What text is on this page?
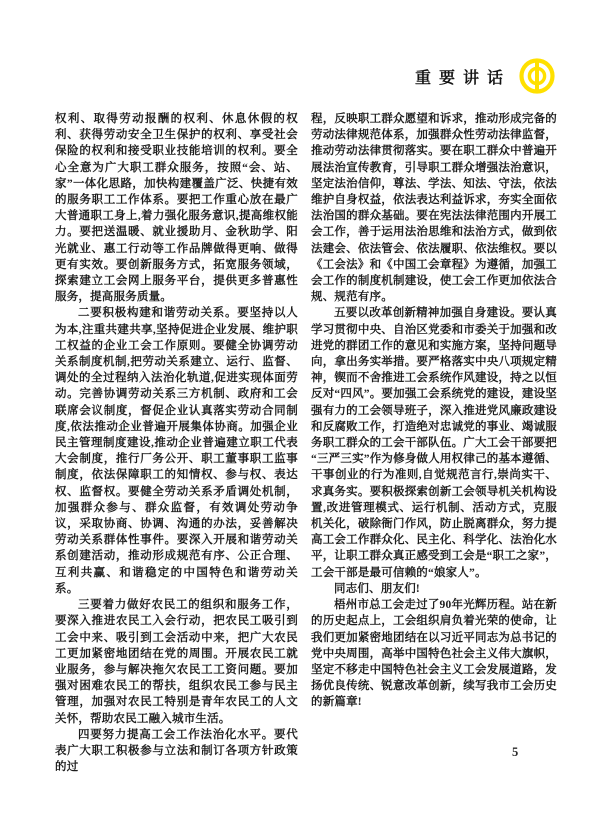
重要讲话

权利、取得劳动报酬的权利、休息休假的权利、获得劳动安全卫生保护的权利、享受社会保险的权利和接受职业技能培训的权利。要全心全意为广大职工群众服务，按照“会、站、家”一体化思路，加快构建覆盖广泛、快捷有效的服务职工工作体系。要把工作重心放在最广大普通职工身上,着力强化服务意识,提高维权能力。要把送温暖、就业援助月、金秋助学、阳光就业、惠工行动等工作品牌做得更响、做得更有实效。要创新服务方式，拓宽服务领域，探索建立工会网上服务平台，提供更多普惠性服务，提高服务质量。

二要积极构建和谐劳动关系。要坚持以人为本,注重共建共享,坚持促进企业发展、维护职工权益的企业工会工作原则。要健全协调劳动关系制度机制,把劳动关系建立、运行、监督、调处的全过程纳入法治化轨道,促进实现体面劳动。完善协调劳动关系三方机制、政府和工会联席会议制度，督促企业认真落实劳动合同制度,依法推动企业普遍开展集体协商。加强企业民主管理制度建设,推动企业普遍建立职工代表大会制度，推行厂务公开、职工董事职工监事制度，依法保障职工的知情权、参与权、表达权、监督权。要健全劳动关系矛盾调处机制，加强群众参与、群众监督，有效调处劳动争议，采取协商、协调、沟通的办法，妥善解决劳动关系群体性事件。要深入开展和谐劳动关系创建活动，推动形成规范有序、公正合理、互利共赢、和谐稳定的中国特色和谐劳动关系。

三要着力做好农民工的组织和服务工作，要深入推进农民工入会行动，把农民工吸引到工会中来、吸引到工会活动中来，把广大农民工更加紧密地团结在党的周围。开展农民工就业服务，参与解决拖欠农民工工资问题。要加强对困难农民工的帮扶，组织农民工参与民主管理，加强对农民工特别是青年农民工的人文关怀，帮助农民工融入城市生活。

四要努力提高工会工作法治化水平。要代表广大职工积极参与立法和制订各项方针政策的过

程，反映职工群众愿望和诉求，推动形成完备的劳动法律规范体系，加强群众性劳动法律监督，推动劳动法律贯彻落实。要在职工群众中普遍开展法治宣传教育，引导职工群众增强法治意识，坚定法治信仰，尊法、学法、知法、守法，依法维护自身权益，依法表达利益诉求，夯实全面依法治国的群众基础。要在宪法法律范围内开展工会工作，善于运用法治思维和法治方式，做到依法建会、依法管会、依法履职、依法维权。要以《工会法》和《中国工会章程》为遵循，加强工会工作的制度机制建设，使工会工作更加依法合规、规范有序。

五要以改革创新精神加强自身建设。要认真学习贯彻中央、自治区党委和市委关于加强和改进党的群团工作的意见和实施方案，坚持问题导向，拿出务实举措。要严格落实中央八项规定精神，锲而不舍推进工会系统作风建设，持之以恒反对“四风”。要加强工会系统党的建设，建设坚强有力的工会领导班子，深入推进党风廉政建设和反腐败工作，打造绝对忠诚党的事业、竭诚服务职工群众的工会干部队伍。广大工会干部要把“三严三实”作为修身做人用权律己的基本遵循、干事创业的行为准则,自觉规范言行,崇尚实干、求真务实。要积极探索创新工会领导机关机构设置,改进管理模式、运行机制、活动方式，克服机关化，破除衙门作风，防止脱离群众，努力提高工会工作群众化、民主化、科学化、法治化水平，让职工群众真正感受到工会是“职工之家”，工会干部是最可信赖的“娘家人”。

同志们、朋友们!

梧州市总工会走过了90年光辉历程。站在新的历史起点上，工会组织肩负着光荣的使命，让我们更加紧密地团结在以习近平同志为总书记的党中央周围，高举中国特色社会主义伟大旗帜，坚定不移走中国特色社会主义工会发展道路，发扬优良传统、锐意改革创新，续写我市工会历史的新篇章!

5
